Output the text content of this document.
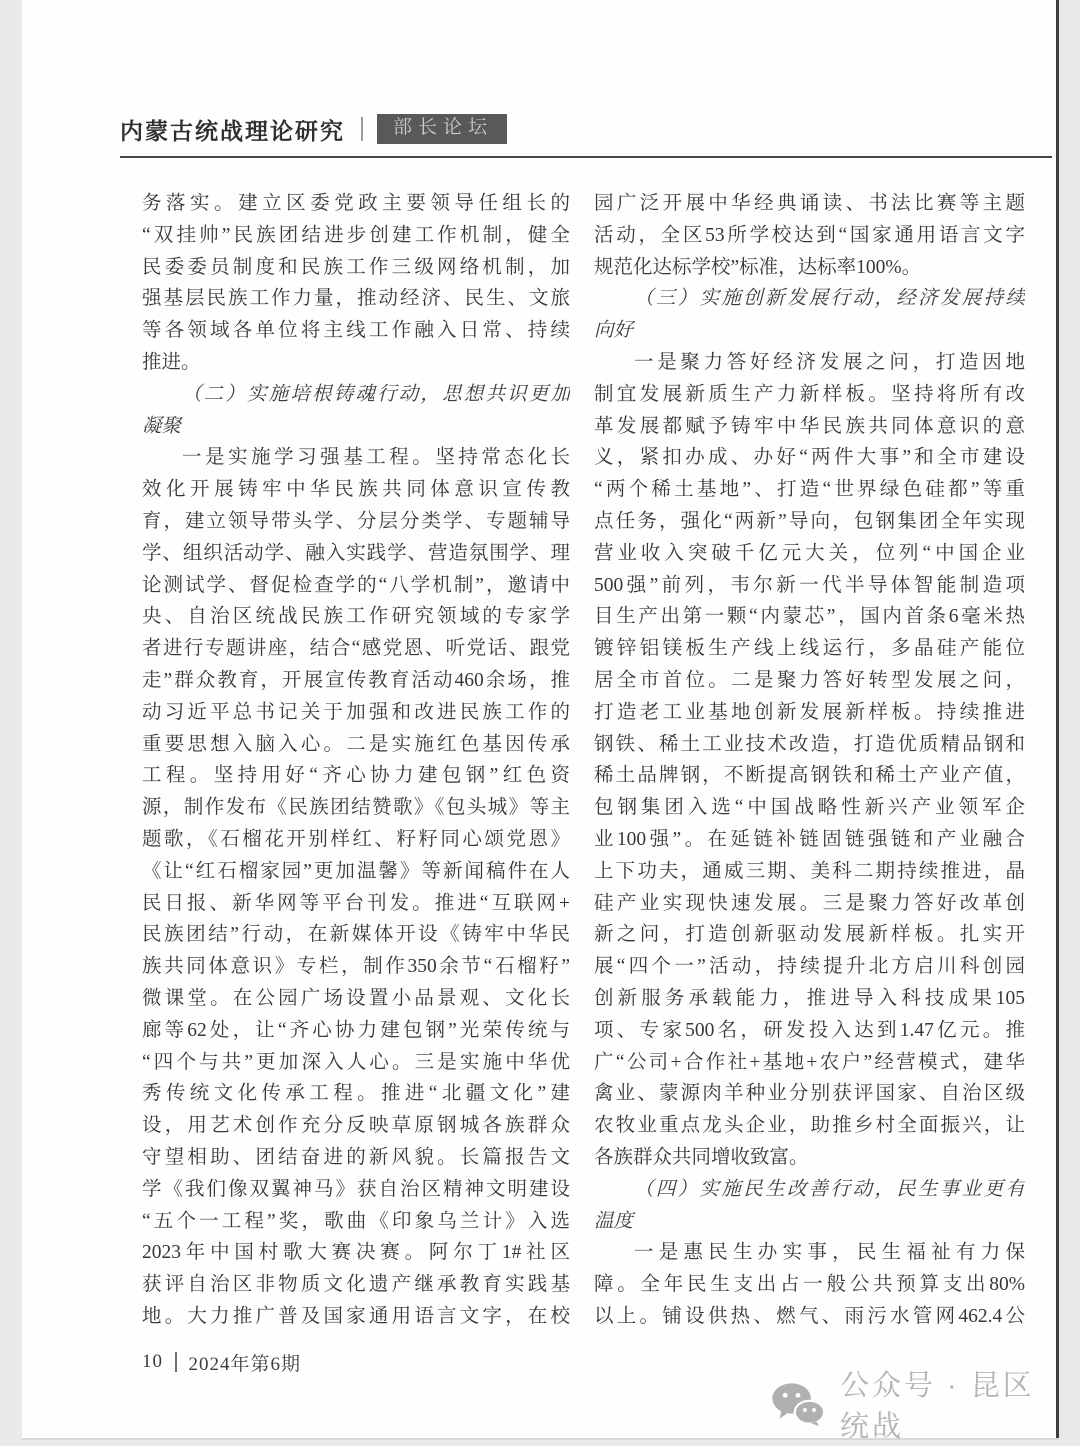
内蒙古统战理论研究	部长论坛
务落实。建立区委党政主要领导任组长的
“双挂帅”民族团结进步创建工作机制，健全
民委委员制度和民族工作三级网络机制，加
强基层民族工作力量，推动经济、民生、文旅
等各领域各单位将主线工作融入日常、持续
推进。
（二）实施培根铸魂行动，思想共识更加
凝聚
一是实施学习强基工程。坚持常态化长
效化开展铸牢中华民族共同体意识宣传教
育，建立领导带头学、分层分类学、专题辅导
学、组织活动学、融入实践学、营造氛围学、理
论测试学、督促检查学的“八学机制”，邀请中
央、自治区统战民族工作研究领域的专家学
者进行专题讲座，结合“感党恩、听党话、跟党
走”群众教育，开展宣传教育活动460余场，推
动习近平总书记关于加强和改进民族工作的
重要思想入脑入心。二是实施红色基因传承
工程。坚持用好“齐心协力建包钢”红色资
源，制作发布《民族团结赞歌》《包头城》等主
题歌，《石榴花开别样红、籽籽同心颂党恩》
《让“红石榴家园”更加温馨》等新闻稿件在人
民日报、新华网等平台刊发。推进“互联网+
民族团结”行动，在新媒体开设《铸牢中华民
族共同体意识》专栏，制作350余节“石榴籽”
微课堂。在公园广场设置小品景观、文化长
廊等62处，让“齐心协力建包钢”光荣传统与
“四个与共”更加深入人心。三是实施中华优
秀传统文化传承工程。推进“北疆文化”建
设，用艺术创作充分反映草原钢城各族群众
守望相助、团结奋进的新风貌。长篇报告文
学《我们像双翼神马》获自治区精神文明建设
“五个一工程”奖，歌曲《印象乌兰计》入选
2023年中国村歌大赛决赛。阿尔丁1#社区
获评自治区非物质文化遗产继承教育实践基
地。大力推广普及国家通用语言文字，在校
园广泛开展中华经典诵读、书法比赛等主题
活动，全区53所学校达到“国家通用语言文字
规范化达标学校”标准，达标率100%。
（三）实施创新发展行动，经济发展持续
向好
一是聚力答好经济发展之问，打造因地
制宜发展新质生产力新样板。坚持将所有改
革发展都赋予铸牢中华民族共同体意识的意
义，紧扣办成、办好“两件大事”和全市建设
“两个稀土基地”、打造“世界绿色硅都”等重
点任务，强化“两新”导向，包钢集团全年实现
营业收入突破千亿元大关，位列“中国企业
500强”前列，韦尔新一代半导体智能制造项
目生产出第一颗“内蒙芯”，国内首条6毫米热
镀锌铝镁板生产线上线运行，多晶硅产能位
居全市首位。二是聚力答好转型发展之问，
打造老工业基地创新发展新样板。持续推进
钢铁、稀土工业技术改造，打造优质精品钢和
稀土品牌钢，不断提高钢铁和稀土产业产值，
包钢集团入选“中国战略性新兴产业领军企
业100强”。在延链补链固链强链和产业融合
上下功夫，通威三期、美科二期持续推进，晶
硅产业实现快速发展。三是聚力答好改革创
新之问，打造创新驱动发展新样板。扎实开
展“四个一”活动，持续提升北方启川科创园
创新服务承载能力，推进导入科技成果105
项、专家500名，研发投入达到1.47亿元。推
广“公司+合作社+基地+农户”经营模式，建华
禽业、蒙源肉羊种业分别获评国家、自治区级
农牧业重点龙头企业，助推乡村全面振兴，让
各族群众共同增收致富。
（四）实施民生改善行动，民生事业更有
温度
一是惠民生办实事，民生福祉有力保
障。全年民生支出占一般公共预算支出80%
以上。铺设供热、燃气、雨污水管网462.4公
10 2024年第6期
公众号 · 昆区统战
